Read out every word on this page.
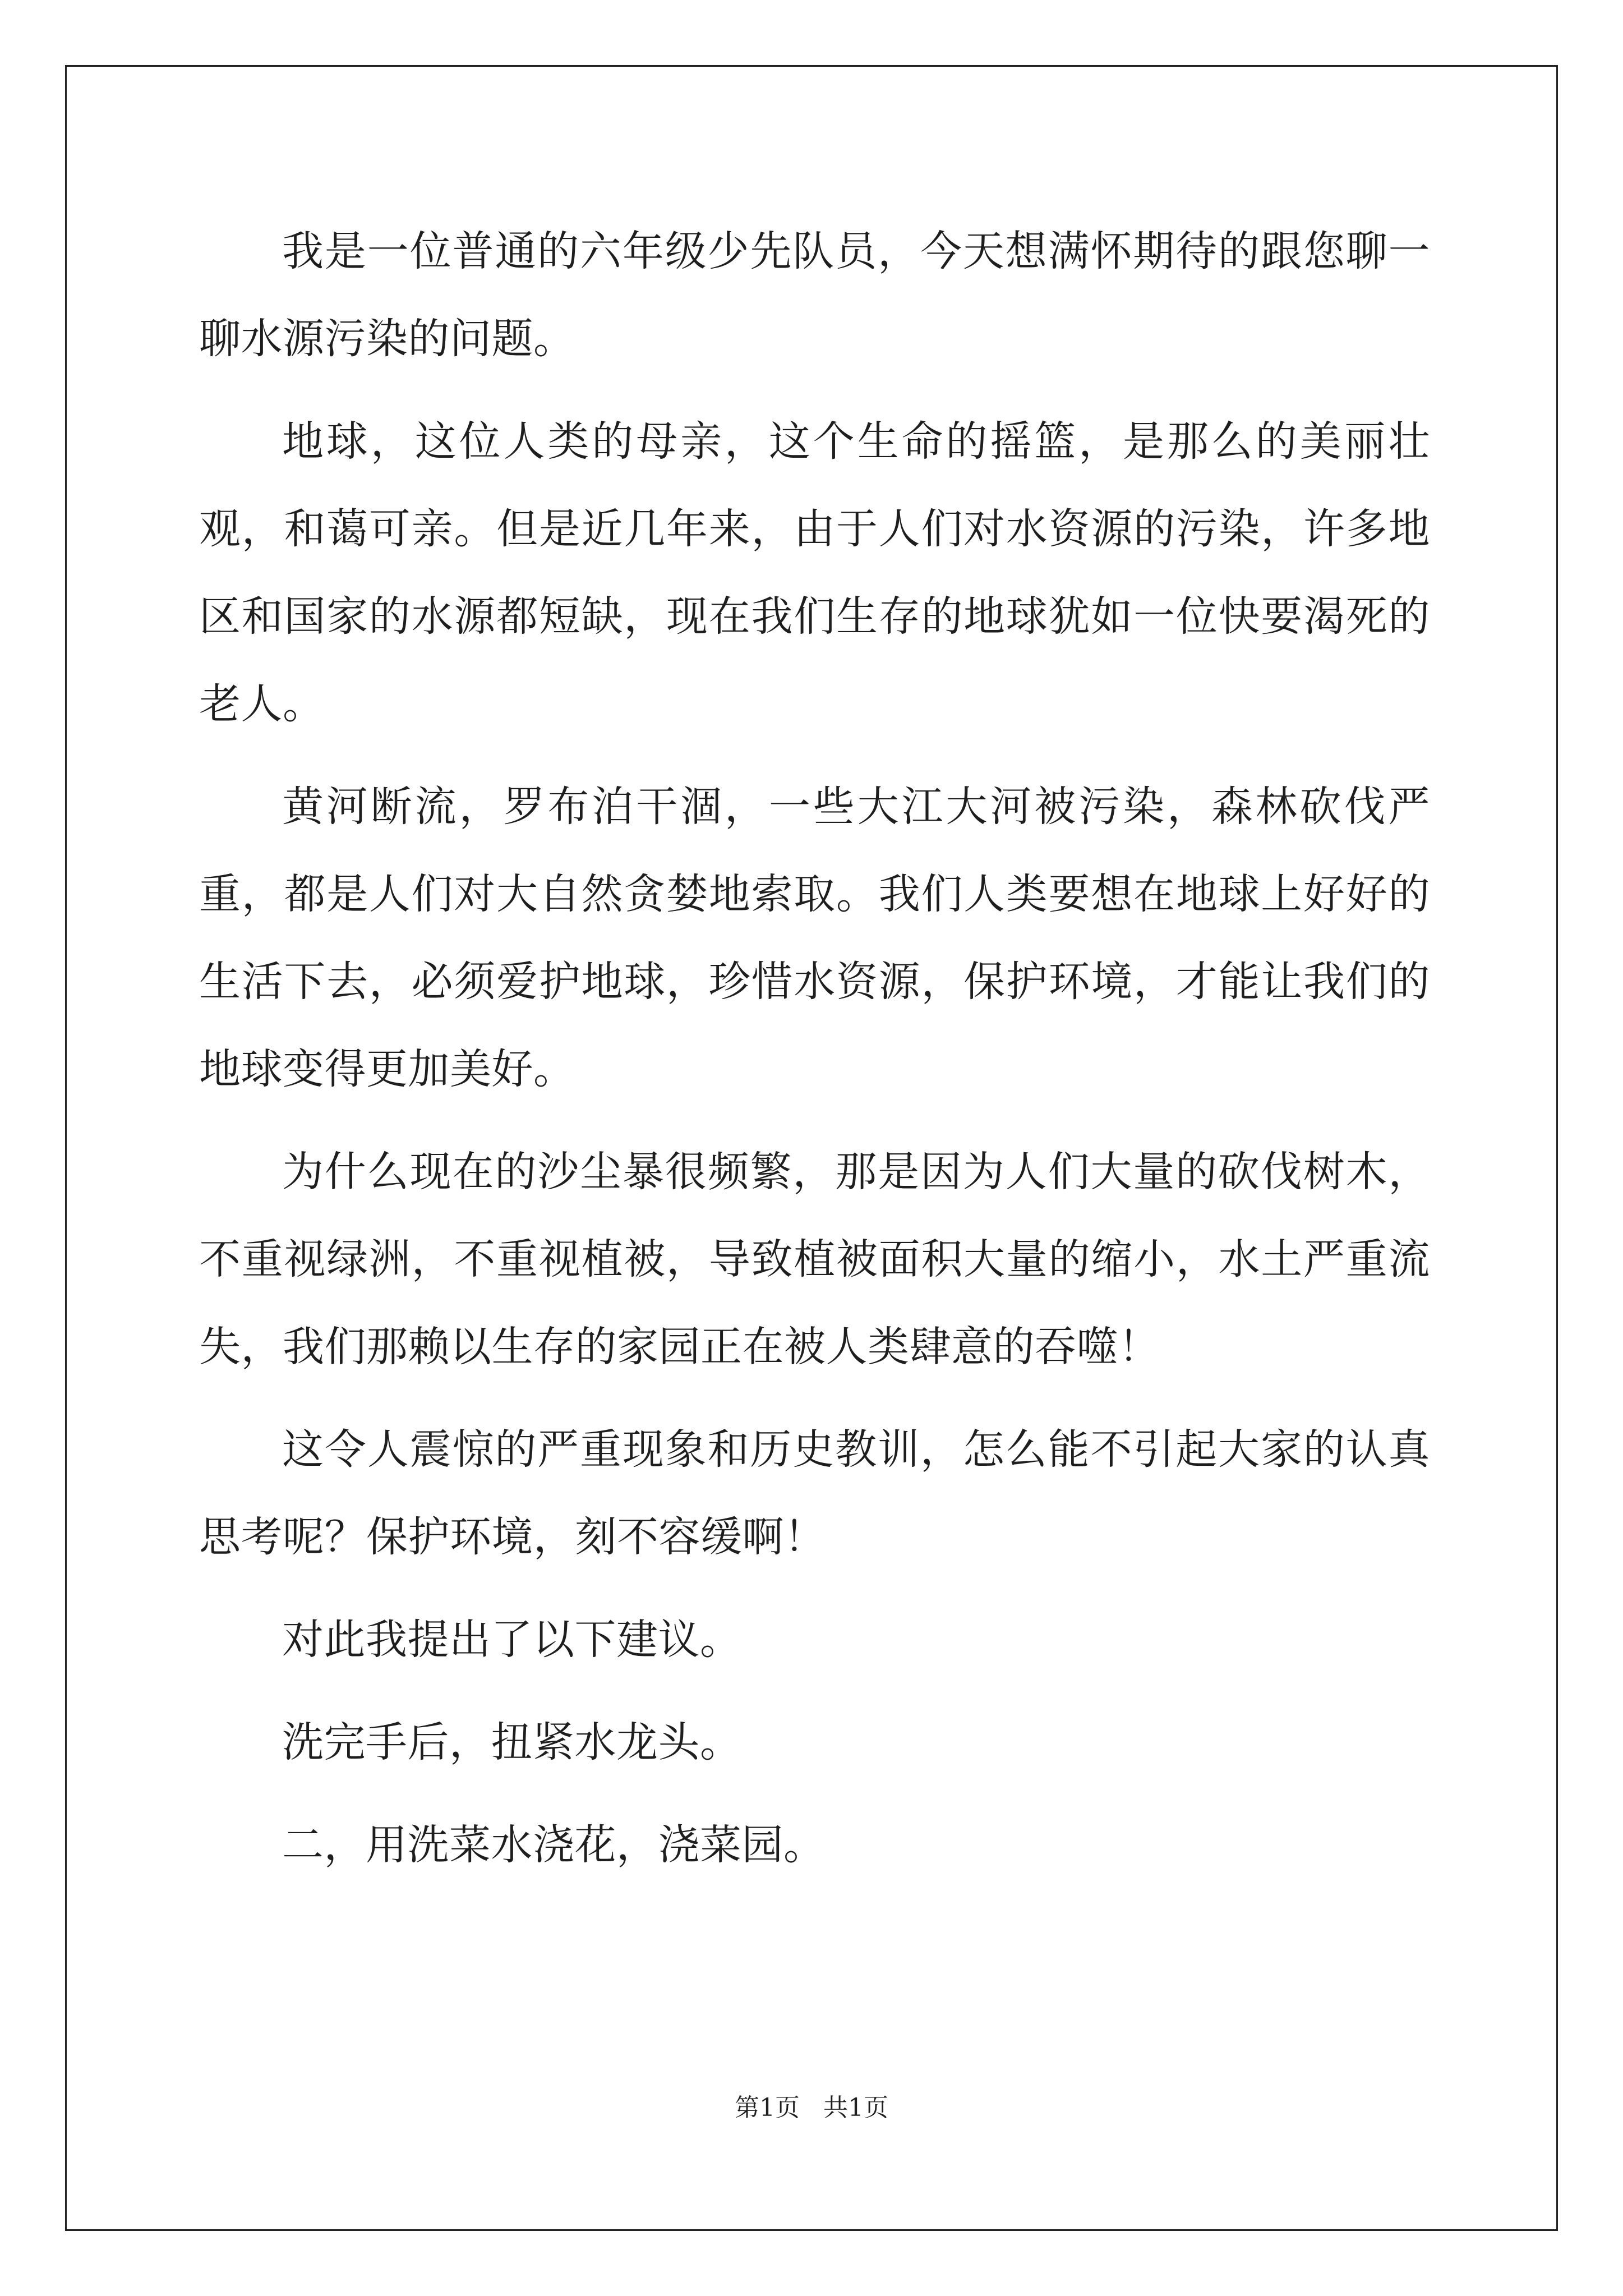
我是一位普通的六年级少先队员，今天想满怀期待的跟您聊一聊水源污染的问题。

地球，这位人类的母亲，这个生命的摇篮，是那么的美丽壮观，和蔼可亲。但是近几年来，由于人们对水资源的污染，许多地区和国家的水源都短缺，现在我们生存的地球犹如一位快要渴死的老人。

黄河断流，罗布泊干涸，一些大江大河被污染，森林砍伐严重，都是人们对大自然贪婪地索取。我们人类要想在地球上好好的生活下去，必须爱护地球，珍惜水资源，保护环境，才能让我们的地球变得更加美好。

为什么现在的沙尘暴很频繁，那是因为人们大量的砍伐树木，不重视绿洲，不重视植被，导致植被面积大量的缩小，水土严重流失，我们那赖以生存的家园正在被人类肆意的吞噬！

这令人震惊的严重现象和历史教训，怎么能不引起大家的认真思考呢？保护环境，刻不容缓啊！

对此我提出了以下建议。

洗完手后，扭紧水龙头。

二，用洗菜水浇花，浇菜园。

第1页 共1页
